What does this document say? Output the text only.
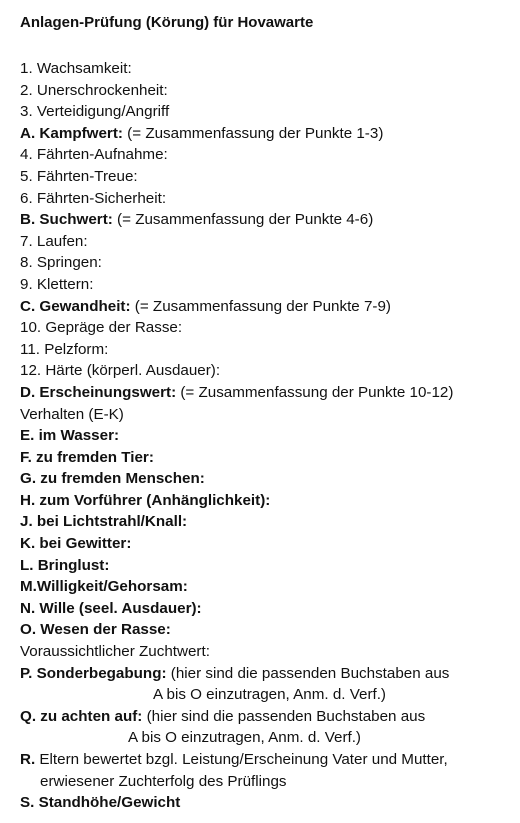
Anlagen-Prüfung (Körung) für Hovawarte
1. Wachsamkeit:
2. Unerschrockenheit:
3. Verteidigung/Angriff
A. Kampfwert: (= Zusammenfassung der Punkte 1-3)
4. Fährten-Aufnahme:
5. Fährten-Treue:
6. Fährten-Sicherheit:
B. Suchwert: (= Zusammenfassung der Punkte 4-6)
7. Laufen:
8. Springen:
9. Klettern:
C. Gewandheit: (= Zusammenfassung der Punkte 7-9)
10. Gepräge der Rasse:
11. Pelzform:
12. Härte (körperl. Ausdauer):
D. Erscheinungswert: (= Zusammenfassung der Punkte 10-12)
Verhalten (E-K)
E. im Wasser:
F. zu fremden Tier:
G. zu fremden Menschen:
H. zum Vorführer (Anhänglichkeit):
J. bei Lichtstrahl/Knall:
K. bei Gewitter:
L. Bringlust:
M.Willigkeit/Gehorsam:
N. Wille (seel. Ausdauer):
O. Wesen der Rasse:
Voraussichtlicher Zuchtwert:
P. Sonderbegabung: (hier sind die passenden Buchstaben aus
A bis O einzutragen, Anm. d. Verf.)
Q. zu achten auf: (hier sind die passenden Buchstaben aus
A bis O einzutragen, Anm. d. Verf.)
R. Eltern bewertet bzgl. Leistung/Erscheinung Vater und Mutter,
erwiesener Zuchterfolg des Prüflings
S. Standhöhe/Gewicht
